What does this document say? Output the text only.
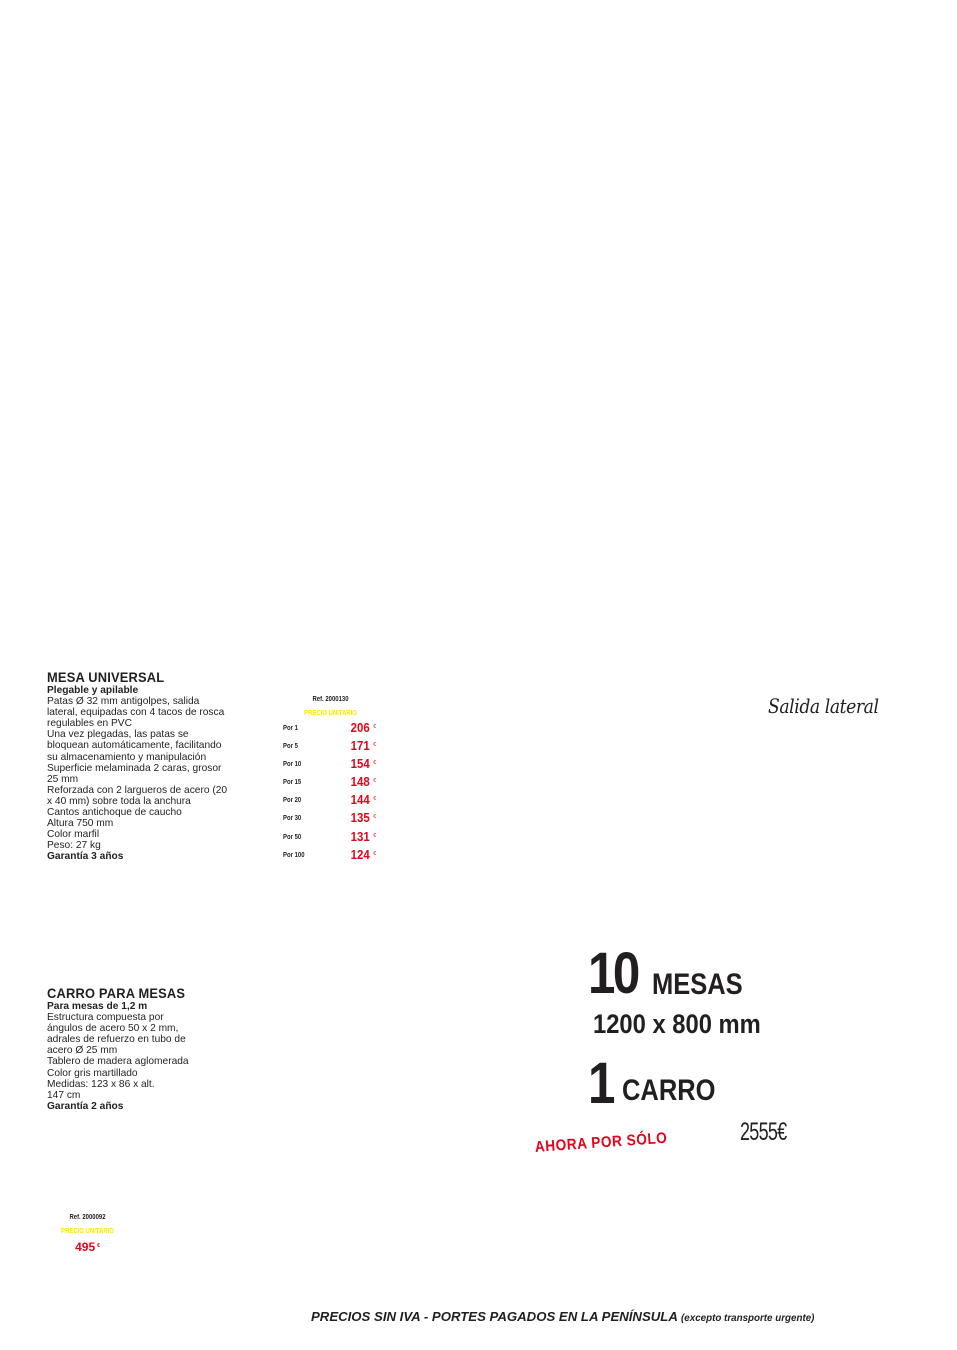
MESA UNIVERSAL
Plegable y apilable
Patas Ø 32 mm antigolpes, salida
lateral, equipadas con 4 tacos de rosca
regulables en PVC
Una vez plegadas, las patas se
bloquean automáticamente, facilitando
su almacenamiento y manipulación
Superficie melaminada 2 caras, grosor
25 mm
Reforzada con 2 largueros de acero (20
x 40 mm) sobre toda la anchura
Cantos antichoque de caucho
Altura 750 mm
Color marfil
Peso: 27 kg
Garantía 3 años
Ref. 2000130
PRECIO UNITARIO
Por 1	206 €
Por 5	171 €
Por 10	154 €
Por 15	148 €
Por 20	144 €
Por 30	135 €
Por 50	131 €
Por 100	124 €
Salida lateral
CARRO PARA MESAS
Para mesas de 1,2 m
Estructura compuesta por
ángulos de acero 50 x 2 mm,
adrales de refuerzo en tubo de
acero Ø 25 mm
Tablero de madera aglomerada
Color gris martillado
Medidas: 123 x 86 x alt.
147 cm
Garantía 2 años
Ref. 2000092
PRECIO UNITARIO
495 €
10 MESAS
1200 x 800 mm
1 CARRO
AHORA POR SÓLO	2555€
PRECIOS SIN IVA - PORTES PAGADOS EN LA PENÍNSULA (excepto transporte urgente)
